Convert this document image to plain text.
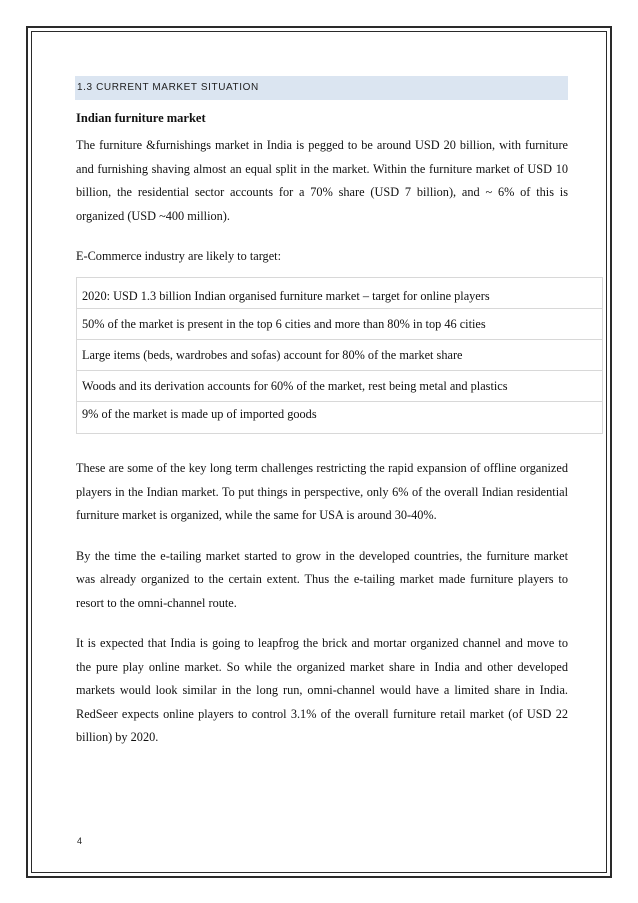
1.3 CURRENT MARKET SITUATION
Indian furniture market

The furniture &furnishings market in India is pegged to be around USD 20 billion, with furniture and furnishing shaving almost an equal split in the market. Within the furniture market of USD 10 billion, the residential sector accounts for a 70% share (USD 7 billion), and ~ 6% of this is organized (USD ~400 million).

E-Commerce industry are likely to target:

2020: USD 1.3 billion Indian organised furniture market – target for online players
50% of the market is present in the top 6 cities and more than 80% in top 46 cities
Large items (beds, wardrobes and sofas) account for 80% of the market share
Woods and its derivation accounts for 60% of the market, rest being metal and plastics
9% of the market is made up of imported goods

These are some of the key long term challenges restricting the rapid expansion of offline organized players in the Indian market. To put things in perspective, only 6% of the overall Indian residential furniture market is organized, while the same for USA is around 30-40%.

By the time the e-tailing market started to grow in the developed countries, the furniture market was already organized to the certain extent. Thus the e-tailing market made furniture players to resort to the omni-channel route.

It is expected that India is going to leapfrog the brick and mortar organized channel and move to the pure play online market. So while the organized market share in India and other developed markets would look similar in the long run, omni-channel would have a limited share in India. RedSeer expects online players to control 3.1% of the overall furniture retail market (of USD 22 billion) by 2020.

4
